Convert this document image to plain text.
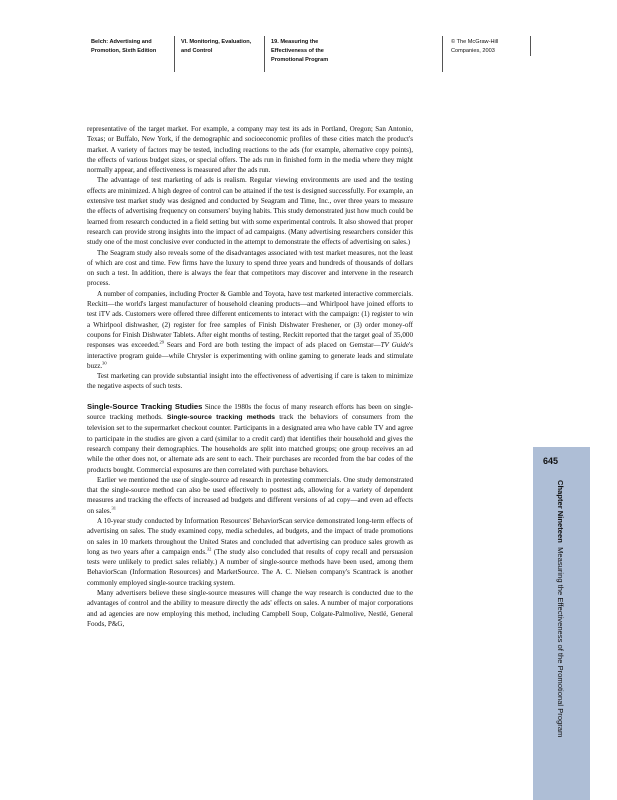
Belch: Advertising and
Promotion, Sixth Edition
VI. Monitoring, Evaluation,
and Control
19. Measuring the
Effectiveness of the
Promotional Program
© The McGraw-Hill
Companies, 2003

representative of the target market. For example, a company may test its ads in Portland, Oregon; San Antonio, Texas; or Buffalo, New York, if the demographic and socioeconomic profiles of these cities match the product's market. A variety of factors may be tested, including reactions to the ads (for example, alternative copy points), the effects of various budget sizes, or special offers. The ads run in finished form in the media where they might normally appear, and effectiveness is measured after the ads run.

The advantage of test marketing of ads is realism. Regular viewing environments are used and the testing effects are minimized. A high degree of control can be attained if the test is designed successfully. For example, an extensive test market study was designed and conducted by Seagram and Time, Inc., over three years to measure the effects of advertising frequency on consumers' buying habits. This study demonstrated just how much could be learned from research conducted in a field setting but with some experimental controls. It also showed that proper research can provide strong insights into the impact of ad campaigns. (Many advertising researchers consider this study one of the most conclusive ever conducted in the attempt to demonstrate the effects of advertising on sales.)

The Seagram study also reveals some of the disadvantages associated with test market measures, not the least of which are cost and time. Few firms have the luxury to spend three years and hundreds of thousands of dollars on such a test. In addition, there is always the fear that competitors may discover and intervene in the research process.

A number of companies, including Procter & Gamble and Toyota, have test marketed interactive commercials. Reckitt—the world's largest manufacturer of household cleaning products—and Whirlpool have joined efforts to test iTV ads. Customers were offered three different enticements to interact with the campaign: (1) register to win a Whirlpool dishwasher, (2) register for free samples of Finish Dishwater Freshener, or (3) order money-off coupons for Finish Dishwater Tablets. After eight months of testing, Reckitt reported that the target goal of 35,000 responses was exceeded.$^{29}$ Sears and Ford are both testing the impact of ads placed on Gemstar—TV Guide's interactive program guide—while Chrysler is experimenting with online gaming to generate leads and stimulate buzz.$^{30}$

Test marketing can provide substantial insight into the effectiveness of advertising if care is taken to minimize the negative aspects of such tests.

Single-Source Tracking Studies Since the 1980s the focus of many research efforts has been on single-source tracking methods. Single-source tracking methods track the behaviors of consumers from the television set to the supermarket checkout counter. Participants in a designated area who have cable TV and agree to participate in the studies are given a card (similar to a credit card) that identifies their household and gives the research company their demographics. The households are split into matched groups; one group receives an ad while the other does not, or alternate ads are sent to each. Their purchases are recorded from the bar codes of the products bought. Commercial exposures are then correlated with purchase behaviors.

Earlier we mentioned the use of single-source ad research in pretesting commercials. One study demonstrated that the single-source method can also be used effectively to posttest ads, allowing for a variety of dependent measures and tracking the effects of increased ad budgets and different versions of ad copy—and even ad effects on sales.$^{31}$

A 10-year study conducted by Information Resources' BehaviorScan service demonstrated long-term effects of advertising on sales. The study examined copy, media schedules, ad budgets, and the impact of trade promotions on sales in 10 markets throughout the United States and concluded that advertising can produce sales growth as long as two years after a campaign ends.$^{32}$ (The study also concluded that results of copy recall and persuasion tests were unlikely to predict sales reliably.) A number of single-source methods have been used, among them BehaviorScan (Information Resources) and MarketSource. The A. C. Nielsen company's Scantrack is another commonly employed single-source tracking system.

Many advertisers believe these single-source measures will change the way research is conducted due to the advantages of control and the ability to measure directly the ads' effects on sales. A number of major corporations and ad agencies are now employing this method, including Campbell Soup, Colgate-Palmolive, Nestlé, General Foods, P&G,

645
Chapter Nineteen  Measuring the Effectiveness of the Promotional Program
